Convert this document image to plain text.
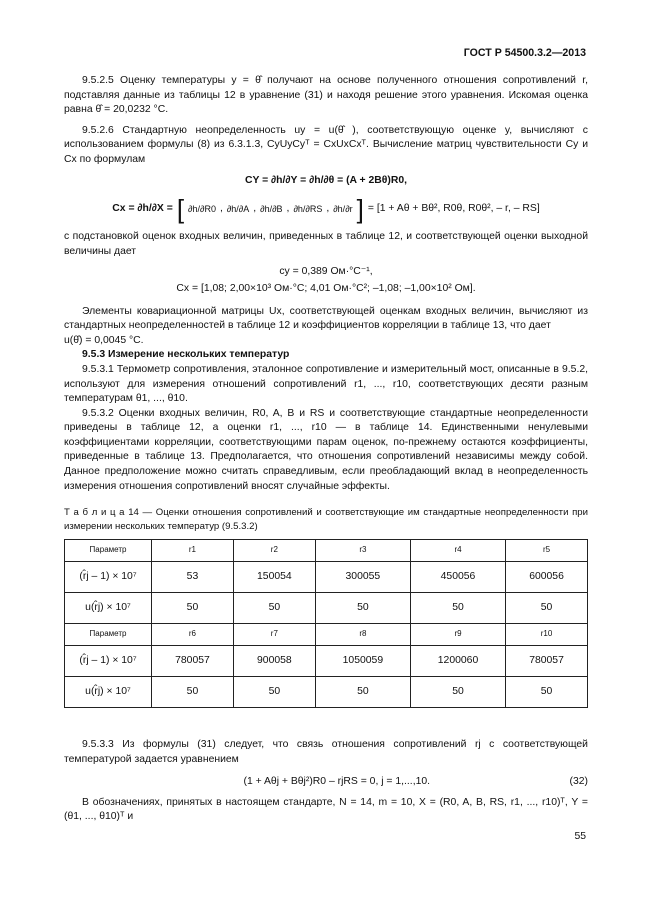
ГОСТ Р 54500.3.2—2013

9.5.2.5 Оценку температуры y = θ̂ получают на основе полученного отношения сопротивлений r, подставляя данные из таблицы 12 в уравнение (31) и находя решение этого уравнения. Искомая оценка равна θ̂ = 20,0232 °С.

9.5.2.6 Стандартную неопределенность uy = u(θ̂ ), соответствующую оценке y, вычисляют с использованием формулы (8) из 6.3.1.3, CyUyCyᵀ = CxUxCxᵀ. Вычисление матриц чувствительности Cy и Cx по формулам

CY = ∂h/∂Y = ∂h/∂θ = (A + 2Bθ)R0,
Cx = ∂h/∂X = [ ∂h/∂R0 , ∂h/∂A , ∂h/∂B , ∂h/∂RS , ∂h/∂r ] = [1 + Aθ + Bθ², R0θ, R0θ², – r, – RS]

с подстановкой оценок входных величин, приведенных в таблице 12, и соответствующей оценки выходной величины дает

cy = 0,389 Ом·°С⁻¹,
Cx = [1,08; 2,00×10³ Ом·°С; 4,01 Ом·°С²; –1,08; –1,00×10² Ом].

Элементы ковариационной матрицы Ux, соответствующей оценкам входных величин, вычисляют из стандартных неопределенностей в таблице 12 и коэффициентов корреляции в таблице 13, что дает

u(θ̂) = 0,0045 °С.

9.5.3 Измерение нескольких температур

9.5.3.1 Термометр сопротивления, эталонное сопротивление и измерительный мост, описанные в 9.5.2, используют для измерения отношений сопротивлений r1, ..., r10, соответствующих десяти разным температурам θ1, ..., θ10.

9.5.3.2 Оценки входных величин, R0, A, B и RS и соответствующие стандартные неопределенности приведены в таблице 12, а оценки r1, ..., r10 — в таблице 14. Единственными ненулевыми коэффициентами корреляции, соответствующими парам оценок, по-прежнему остаются коэффициенты, приведенные в таблице 13. Предполагается, что отношения сопротивлений независимы между собой. Данное предположение можно считать справедливым, если преобладающий вклад в неопределенность измерения отношения сопротивлений вносят случайные эффекты.

Т а б л и ц а 14 — Оценки отношения сопротивлений и соответствующие им стандартные неопределенности при измерении нескольких температур (9.5.3.2)
Параметр	r1	r2	r3	r4	r5
(r̂j – 1) × 10⁷	53	150054	300055	450056	600056
u(r̂j) × 10⁷	50	50	50	50	50
Параметр	r6	r7	r8	r9	r10
(r̂j – 1) × 10⁷	780057	900058	1050059	1200060	780057
u(r̂j) × 10⁷	50	50	50	50	50

9.5.3.3 Из формулы (31) следует, что связь отношения сопротивлений rj с соответствующей температурой задается уравнением

(1 + Aθj + Bθj²)R0 – rjRS = 0, j = 1,...,10.	(32)

В обозначениях, принятых в настоящем стандарте, N = 14, m = 10, X = (R0, A, B, RS, r1, ..., r10)ᵀ, Y = (θ1, ..., θ10)ᵀ и

55
